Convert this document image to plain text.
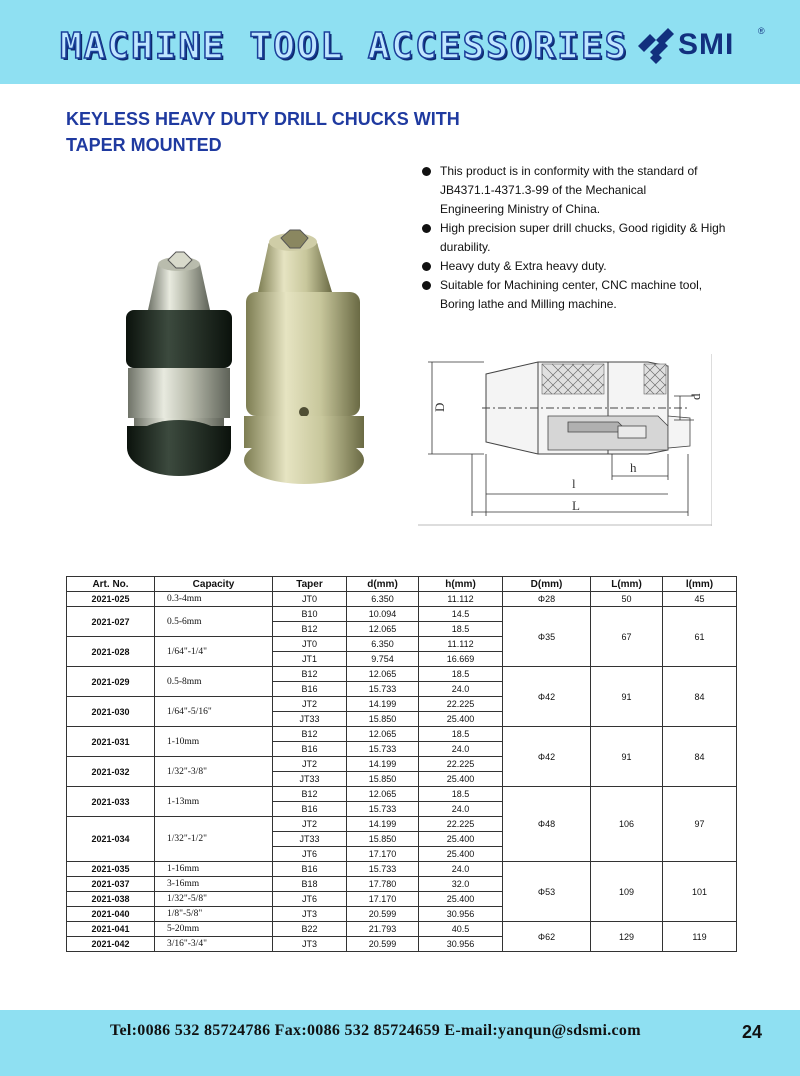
MACHINE TOOL ACCESSORIES SMI	®
KEYLESS HEAVY DUTY DRILL CHUCKS WITH
TAPER MOUNTED
This product is in conformity with the standard of
JB4371.1-4371.3-99 of the Mechanical
Engineering Ministry of China.
High precision super drill chucks, Good rigidity & High
durability.
Heavy duty & Extra heavy duty.
Suitable for Machining center, CNC machine tool,
Boring lathe and Milling machine.
D
d
h
l
L
Art. No.	Capacity	Taper	d(mm)	h(mm)	D(mm)	L(mm)	l(mm)
2021-025	0.3-4mm	JT0	6.350	11.112	Φ28	50	45
2021-027	0.5-6mm	B10	10.094	14.5	Φ35	67	61
		B12	12.065	18.5			
2021-028	1/64"-1/4"	JT0	6.350	11.112			
		JT1	9.754	16.669			
2021-029	0.5-8mm	B12	12.065	18.5	Φ42	91	84
		B16	15.733	24.0			
2021-030	1/64"-5/16"	JT2	14.199	22.225			
		JT33	15.850	25.400			
2021-031	1-10mm	B12	12.065	18.5	Φ42	91	84
		B16	15.733	24.0			
2021-032	1/32"-3/8"	JT2	14.199	22.225			
		JT33	15.850	25.400			
2021-033	1-13mm	B12	12.065	18.5	Φ48	106	97
		B16	15.733	24.0			
2021-034	1/32"-1/2"	JT2	14.199	22.225			
		JT33	15.850	25.400			
		JT6	17.170	25.400			
2021-035	1-16mm	B16	15.733	24.0	Φ53	109	101
2021-037	3-16mm	B18	17.780	32.0			
2021-038	1/32"-5/8"	JT6	17.170	25.400			
2021-040	1/8"-5/8"	JT3	20.599	30.956			
2021-041	5-20mm	B22	21.793	40.5	Φ62	129	119
2021-042	3/16"-3/4"	JT3	20.599	30.956			
Tel:0086 532 85724786 Fax:0086 532 85724659 E-mail:yanqun@sdsmi.com	24
